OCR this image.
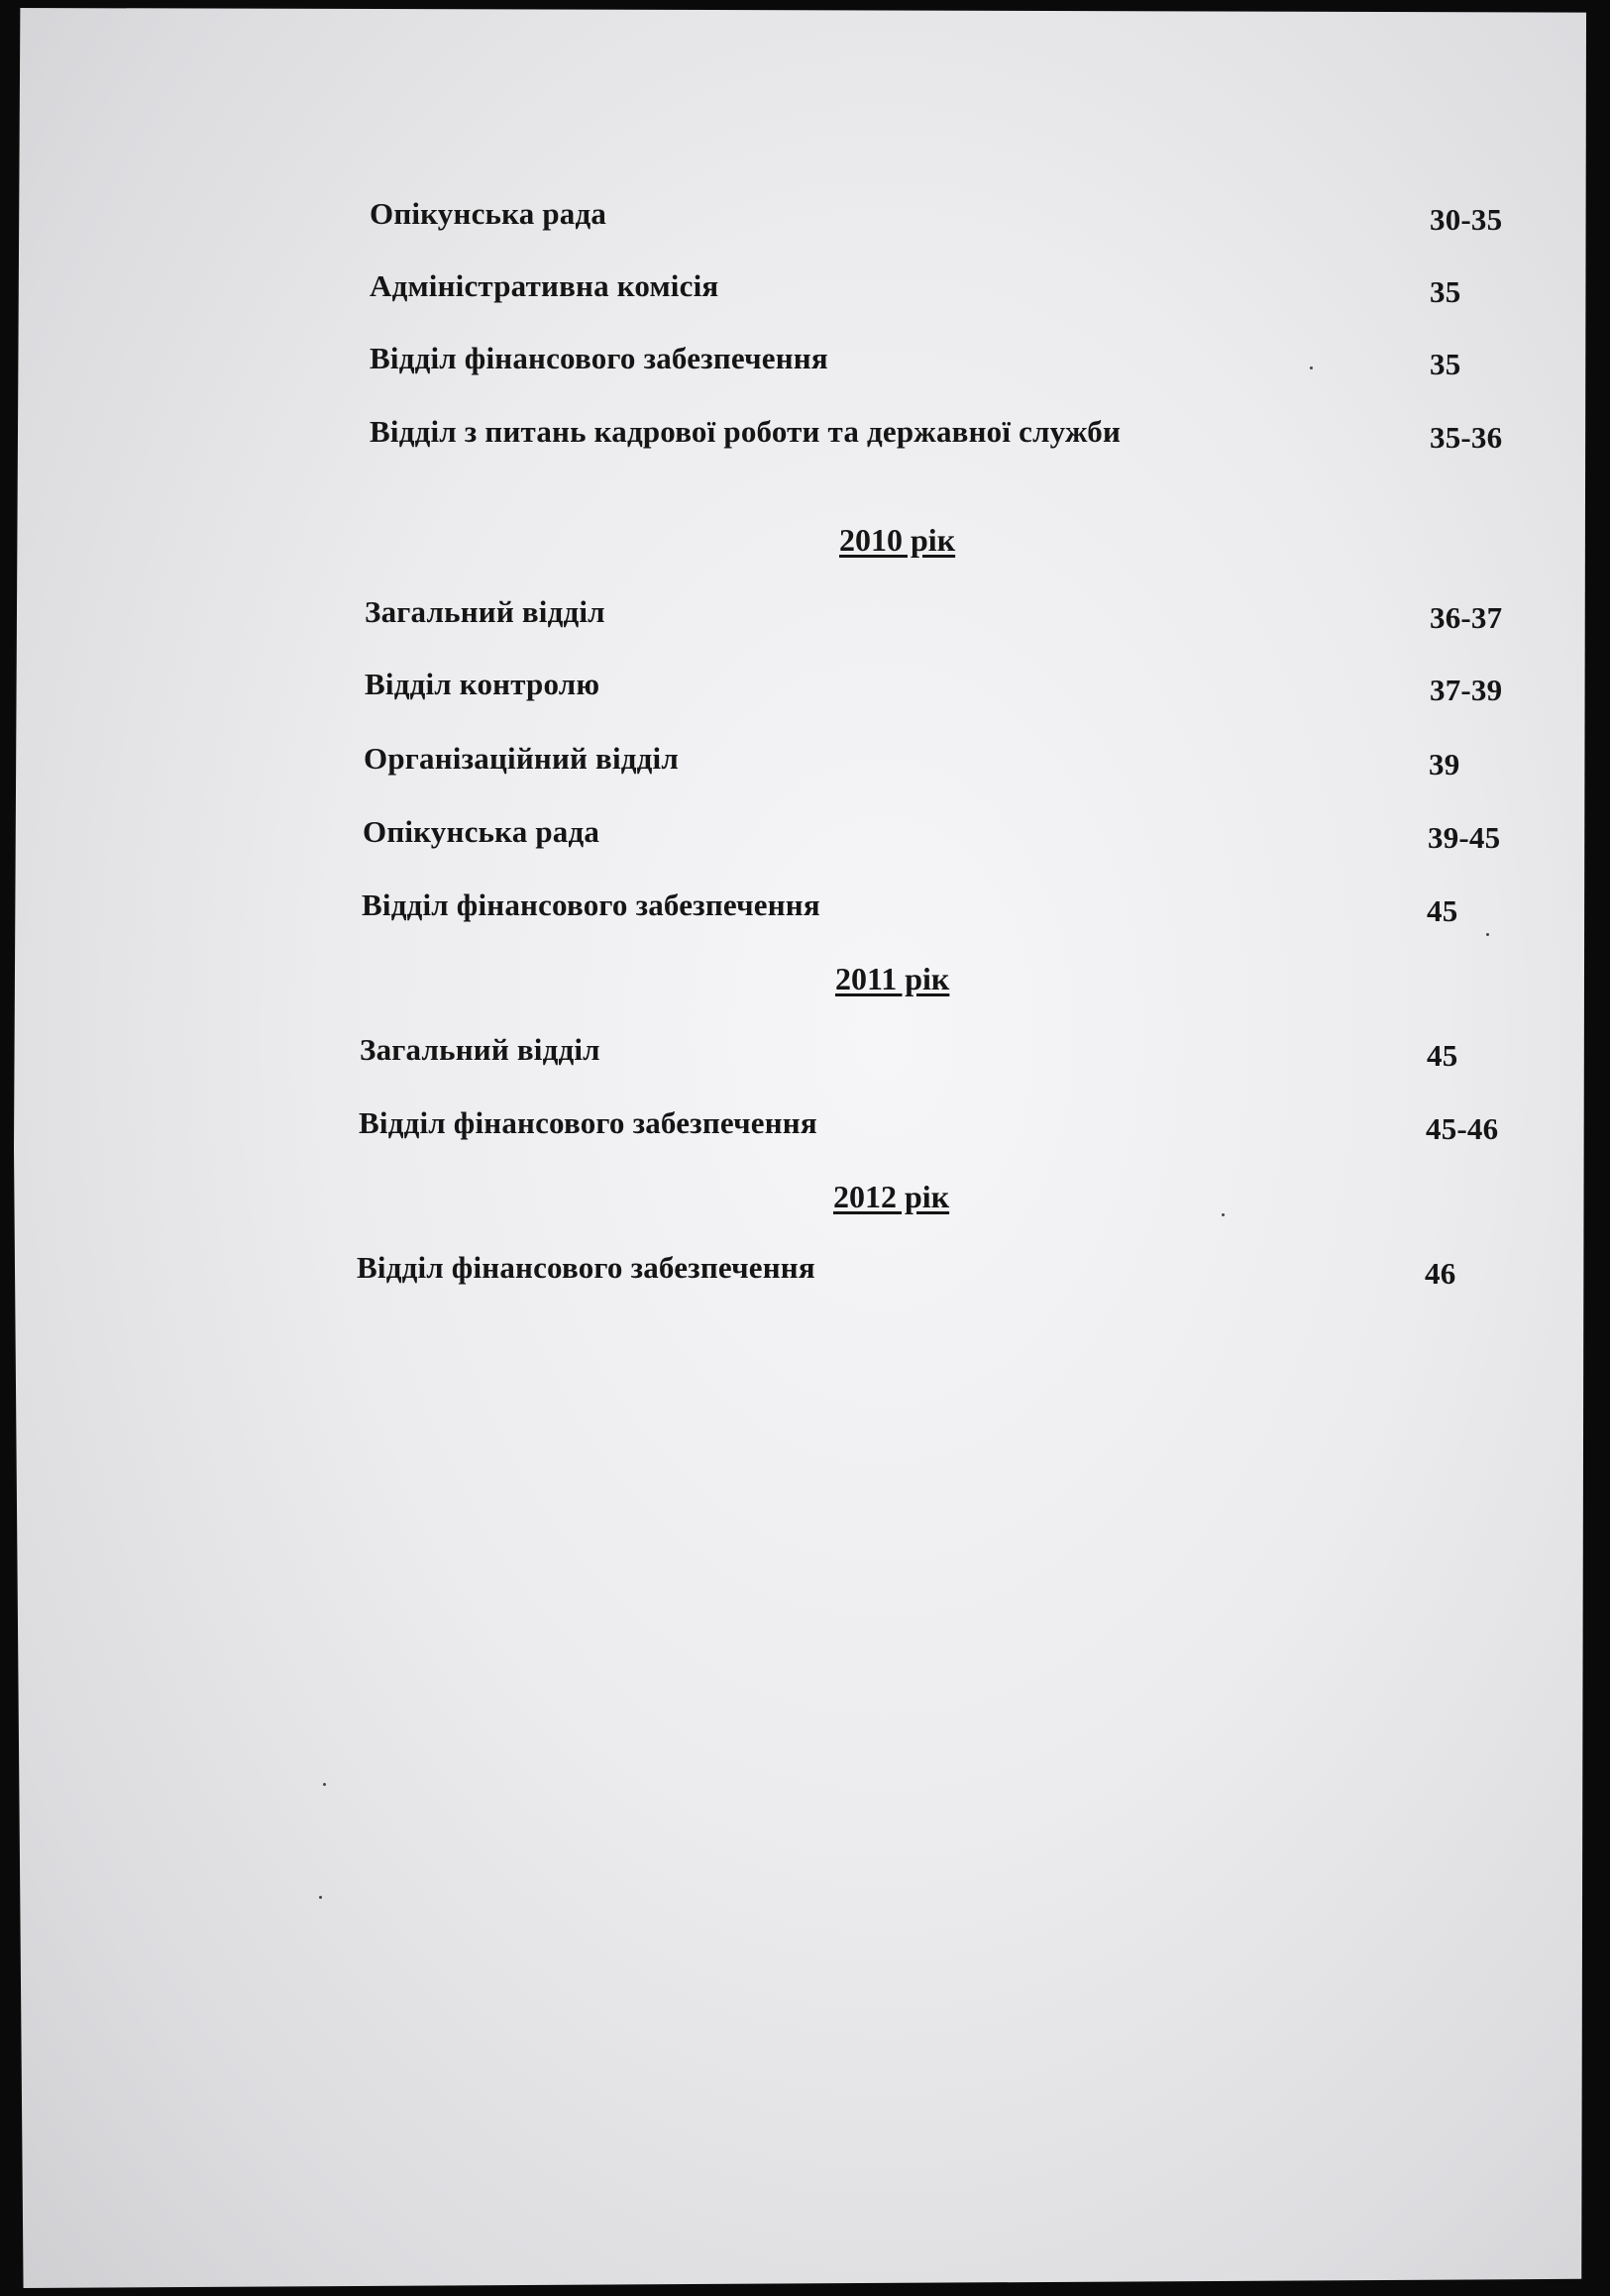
Опікунська рада	30-35
Адміністративна комісія	35
Відділ фінансового забезпечення	35
Відділ з питань кадрової роботи та державної служби	35-36
2010 рік
Загальний відділ	36-37
Відділ контролю	37-39
Організаційний відділ	39
Опікунська рада	39-45
Відділ фінансового забезпечення	45
2011 рік
Загальний відділ	45
Відділ фінансового забезпечення	45-46
2012 рік
Відділ фінансового забезпечення	46
